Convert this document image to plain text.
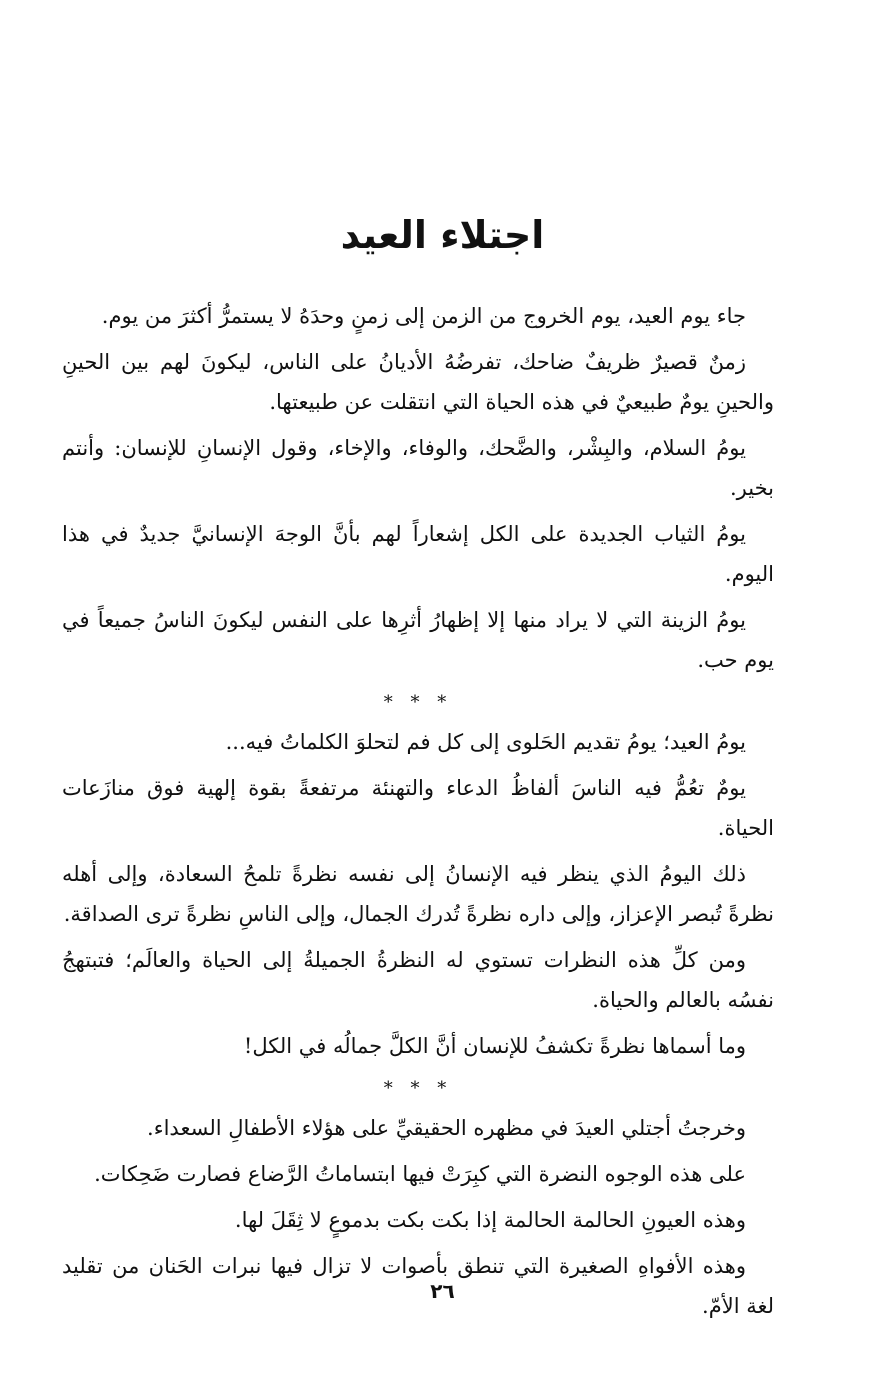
اجتلاء العيد

جاء يوم العيد، يوم الخروج من الزمن إلى زمنٍ وحدَهُ لا يستمرُّ أكثرَ من يوم.

زمنٌ قصيرٌ ظريفٌ ضاحك، تفرضُهُ الأديانُ على الناس، ليكونَ لهم بين الحينِ والحينِ يومٌ طبيعيٌ في هذه الحياة التي انتقلت عن طبيعتها.

يومُ السلام، والبِشْر، والضَّحك، والوفاء، والإخاء، وقول الإنسانِ للإنسان: وأنتم بخير.

يومُ الثياب الجديدة على الكل إشعاراً لهم بأنَّ الوجهَ الإنسانيَّ جديدٌ في هذا اليوم.

يومُ الزينة التي لا يراد منها إلا إظهارُ أثرِها على النفس ليكونَ الناسُ جميعاً في يوم حب.

* * *

يومُ العيد؛ يومُ تقديم الحَلوى إلى كل فم لتحلوَ الكلماتُ فيه...

يومٌ تعُمُّ فيه الناسَ ألفاظُ الدعاء والتهنئة مرتفعةً بقوة إلهية فوق منازَعات الحياة.

ذلك اليومُ الذي ينظر فيه الإنسانُ إلى نفسه نظرةً تلمحُ السعادة، وإلى أهله نظرةً تُبصر الإعزاز، وإلى داره نظرةً تُدرك الجمال، وإلى الناسِ نظرةً ترى الصداقة.

ومن كلِّ هذه النظرات تستوي له النظرةُ الجميلةُ إلى الحياة والعالَم؛ فتبتهجُ نفسُه بالعالم والحياة.

وما أسماها نظرةً تكشفُ للإنسان أنَّ الكلَّ جمالُه في الكل!

* * *

وخرجتُ أجتلي العيدَ في مظهره الحقيقيِّ على هؤلاء الأطفالِ السعداء.

على هذه الوجوه النضرة التي كبِرَتْ فيها ابتساماتُ الرَّضاع فصارت ضَحِكات.

وهذه العيونِ الحالمة الحالمة إذا بكت بكت بدموعٍ لا ثِقَلَ لها.

وهذه الأفواهِ الصغيرة التي تنطق بأصوات لا تزال فيها نبرات الحَنان من تقليد لغة الأمّ.

٢٦
